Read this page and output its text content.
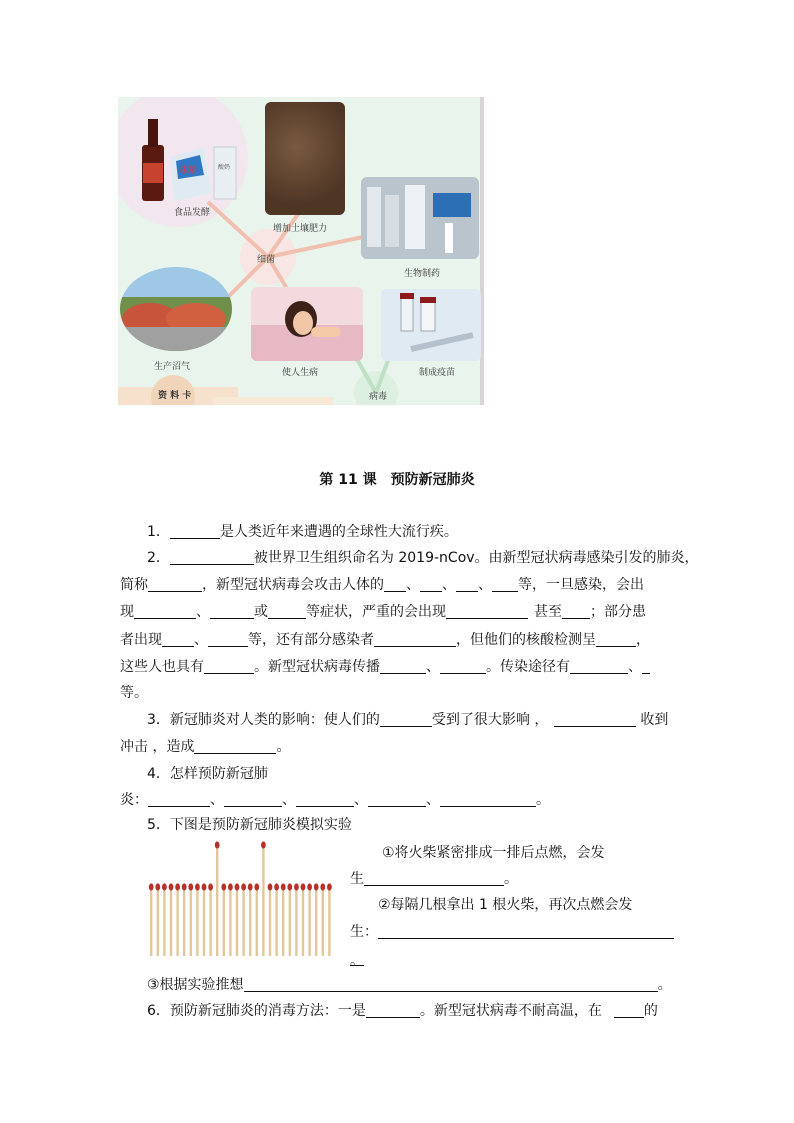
味精	酸奶
食品发酵
增加土壤肥力
细菌
生物制药
生产沼气
使人生病	制成疫苗
病毒
资 料 卡
第 11 课　预防新冠肺炎
1．	是人类近年来遭遇的全球性大流行疾。
2．	被世界卫生组织命名为 2019-nCov。由新型冠状病毒感染引发的肺炎，
简称	，新型冠状病毒会攻击人体的 、 、 、 等，一旦感染，会出
现	、	或	等症状，严重的会出现	甚至 ；部分患
者出现 、	等，还有部分感染者	，但他们的核酸检测呈	，
这些人也具有	。新型冠状病毒传播	、	。传染途径有	、
等。
3．新冠肺炎对人类的影响：使人们的	受到了很大影响 ，	收到
冲击 ，造成	。
4．怎样预防新冠肺
炎：	、	、	、	、	。
5．下图是预防新冠肺炎模拟实验
①将火柴紧密排成一排后点燃，会发
生	。
②每隔几根拿出 1 根火柴，再次点燃会发
生：
。
③根据实验推想	。
6．预防新冠肺炎的消毒方法：一是	。新型冠状病毒不耐高温，在	的
